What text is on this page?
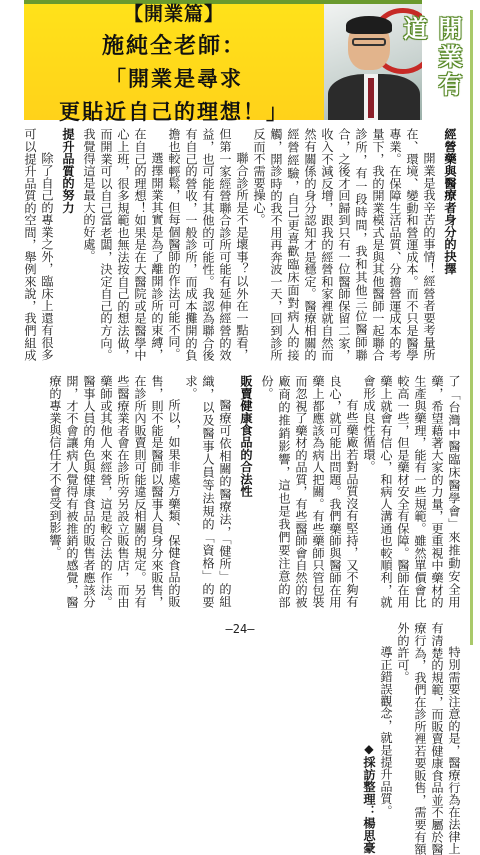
【開業篇】
施純全老師：
「開業是尋求
更貼近自己的理想！」
開業有道

經營藥與醫療者身分的抉擇

開業是我辛苦的事情！經營者要考量所在、環境、變動和營運成本。而不只是醫學專業。在保障生活品質、分擔營運成本的考量下，我的開業模式是與其他醫師一起聯合診所，有一段時間，我和其他三位醫師聯合，之後才回歸到只有一位醫師保留二家，收入不減反增，跟我的經營和家裡就自然而然有關係的身分認知才是穩定。醫療相關的經營經驗，自己更喜歡臨床面對病人的接觸，開診時的我不用再奔波一天，回到診所反而不需要操心。

聯合診所是不是壞事？以外在一點看，但第一家經營聯合診所可能有延伸經營的效益，也可能有其他的可能性。我認為聯合後有自己的營收，一般診所，而成本攤開的負擔也較輕鬆，但每個醫師的作法可能不同。

選擇開業其實是為了離開診所的束縛，在自己的理想！如果是在大醫院或是醫學中心上班，很多規範也無法按自己的想法做，而開業可以自己當老闆，決定自己的方向。我覺得這是最大的好處。

提升品質的努力

除了自己的專業之外，臨床上還有很多可以提升品質的空間，舉例來說，我們組成了「台灣中醫臨床醫學會」來推動安全用藥，希望藉著大家的力量，更重視中藥材的生產與藥理，能有一些規範。雖然單價會比較高一些，但是藥材安全有保障。醫師在用藥上就會有信心，和病人溝通也較順利，就會形成良性循環。

有些藥廠若對品質沒有堅持，又不夠有良心，就可能出問題。我們藥師與醫師在用藥上都應該為病人把關。有些藥師只管包裝而忽視了藥材的品質，有些醫師會自然的被廠商的推銷影響，這也是我們要注意的部份。

販賣健康食品的合法性

醫療可依相關的醫療法，「健所」的組織，以及醫事人員等法規的「資格」的要求。

所以，如果非處方藥類、保健食品的販售，則不能是醫師以醫事人員身分來販售，在診所內販賣則可能違反相關的規定。另有些醫療業者會在診所旁另設立販售店，而由藥師或其他人來經營，這是較合法的作法。醫事人員的角色與健康食品的販售者應該分開，才不會讓病人覺得有被推銷的感覺，醫療的專業與信任才不會受到影響。

特別需要注意的是，醫療行為在法律上有清楚的規範，而販賣健康食品並不屬於醫療行為，我們在診所裡若要販售，需要有額外的許可。

導正錯誤觀念，就是提升品質。

◆採訪整理：楊思豪

—24—
